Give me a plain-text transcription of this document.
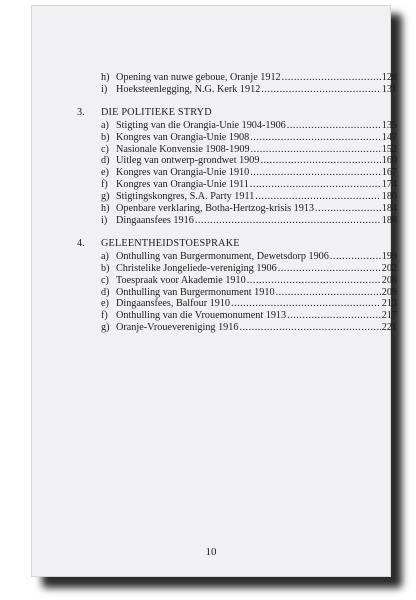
h) Opening van nuwe geboue, Oranje 1912 .....	128
i) Hoeksteenlegging, N.G. Kerk 1912 .....	131
3.	DIE POLITIEKE STRYD
a) Stigting van die Orangia-Unie 1904-1906 .....	135
b) Kongres van Orangia-Unie 1908 .....	147
c) Nasionale Konvensie 1908-1909 .....	152
d) Uitleg van ontwerp-grondwet 1909 .....	160
e) Kongres van Orangia-Unie 1910 .....	167
f) Kongres van Orangia-Unie 1911 .....	174
g) Stigtingskongres, S.A. Party 1911 .....	180
h) Openbare verklaring, Botha-Hertzog-krisis 1913 .....	184
i) Dingaansfees 1916 .....	188
4.	GELEENTHEIDSTOESPRAKE
a) Onthulling van Burgermonument, Dewetsdorp 1906 .....	199
b) Christelike Jongeliede-vereniging 1906 .....	202
c) Toespraak voor Akademie 1910 .....	206
d) Onthulling van Burgermonument 1910 .....	209
e) Dingaansfees, Balfour 1910 .....	213
f) Onthulling van die Vrouemonument 1913 .....	217
g) Oranje-Vrouevereniging 1916 .....	221
10
